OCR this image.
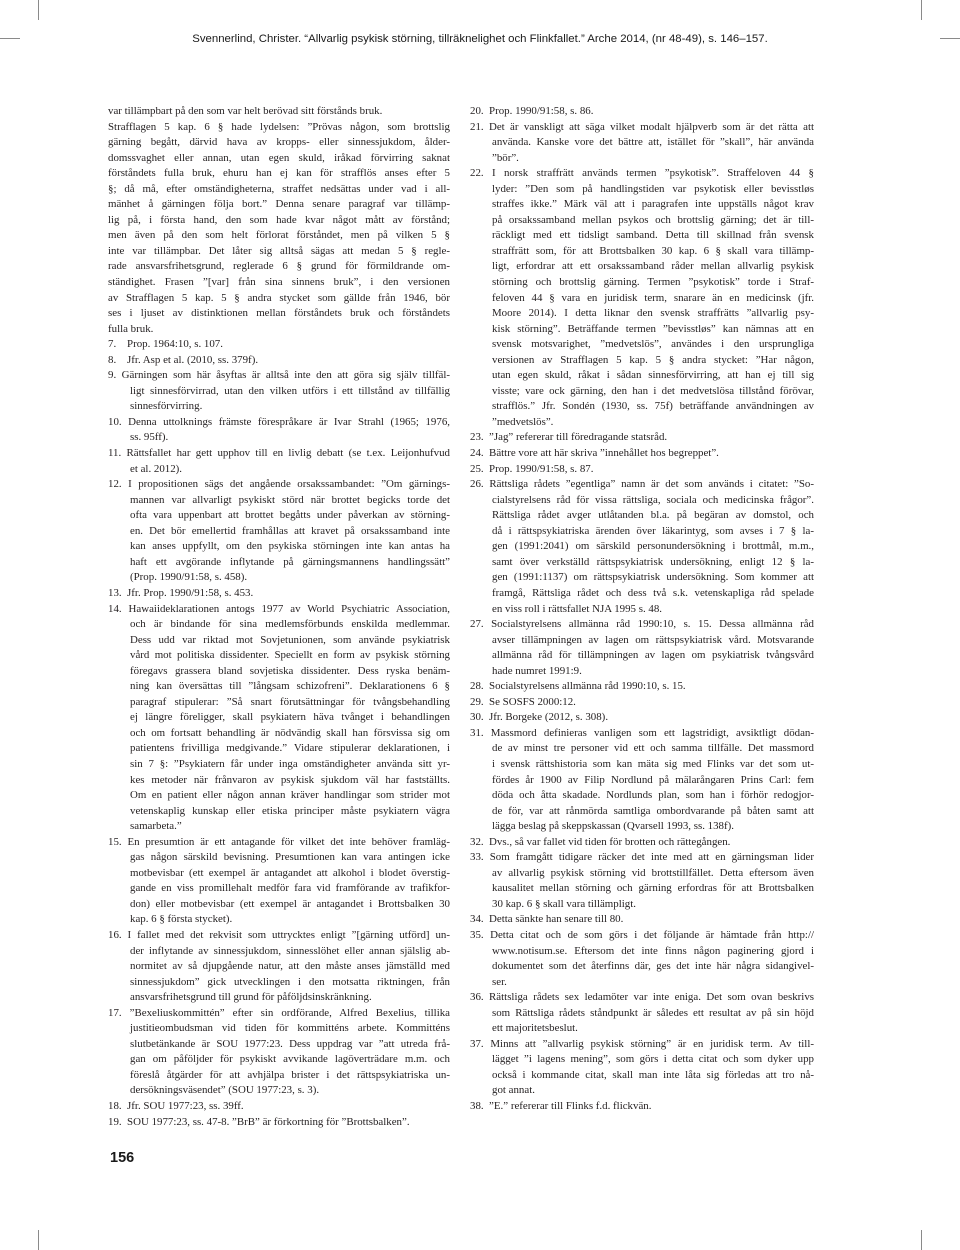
Svennerlind, Christer. “Allvarlig psykisk störning, tillräknelighet och Flinkfallet.” Arche 2014, (nr 48-49), s. 146–157.
var tillämpbart på den som var helt berövad sitt förstånds bruk.
Strafflagen 5 kap. 6 § hade lydelsen: ”Prövas någon, som brottslig
gärning begått, därvid hava av kropps- eller sinnessjukdom, ålder-
domssvaghet eller annan, utan egen skuld, iråkad förvirring saknat
förståndets fulla bruk, ehuru han ej kan för strafflös anses efter 5
§; då må, efter omständigheterna, straffet nedsättas under vad i all-
mänhet å gärningen följa bort.” Denna senare paragraf var tillämp-
lig på, i första hand, den som hade kvar något mått av förstånd;
men även på den som helt förlorat förståndet, men på vilken 5 §
inte var tillämpbar. Det låter sig alltså sägas att medan 5 § regle-
rade ansvarsfrihetsgrund, reglerade 6 § grund för förmildrande om-
ständighet. Frasen ”[var] från sina sinnens bruk”, i den versionen
av Strafflagen 5 kap. 5 § andra stycket som gällde från 1946, bör
ses i ljuset av distinktionen mellan förståndets bruk och förståndets
fulla bruk.
7.    Prop. 1964:10, s. 107.
8.    Jfr. Asp et al. (2010, ss. 379f).
9. Gärningen som här åsyftas är alltså inte den att göra sig själv tillfäl-
ligt sinnesförvirrad, utan den vilken utförs i ett tillstånd av tillfällig
sinnesförvirring.
10. Denna uttolknings främste förespråkare är Ivar Strahl (1965; 1976,
ss. 95ff).
11. Rättsfallet har gett upphov till en livlig debatt (se t.ex. Leijonhufvud
et al. 2012).
12. I propositionen sägs det angående orsakssambandet: ”Om gärnings-
mannen var allvarligt psykiskt störd när brottet begicks torde det
ofta vara uppenbart att brottet begåtts under påverkan av störning-
en. Det bör emellertid framhållas att kravet på orsakssamband inte
kan anses uppfyllt, om den psykiska störningen inte kan antas ha
haft ett avgörande inflytande på gärningsmannens handlingssätt”
(Prop. 1990/91:58, s. 458).
13.  Jfr. Prop. 1990/91:58, s. 453.
14. Hawaiideklarationen antogs 1977 av World Psychiatric Association,
och är bindande för sina medlemsförbunds enskilda medlemmar.
Dess udd var riktad mot Sovjetunionen, som använde psykiatrisk
vård mot politiska dissidenter. Speciellt en form av psykisk störning
föregavs grassera bland sovjetiska dissidenter. Dess ryska benäm-
ning kan översättas till ”långsam schizofreni”. Deklarationens 6 §
paragraf stipulerar: ”Så snart förutsättningar för tvångsbehandling
ej längre föreligger, skall psykiatern häva tvånget i behandlingen
och om fortsatt behandling är nödvändig skall han försvissa sig om
patientens frivilliga medgivande.” Vidare stipulerar deklarationen, i
sin 7 §: ”Psykiatern får under inga omständigheter använda sitt yr-
kes metoder när frånvaron av psykisk sjukdom väl har fastställts.
Om en patient eller någon annan kräver handlingar som strider mot
vetenskaplig kunskap eller etiska principer måste psykiatern vägra
samarbeta.”
15. En presumtion är ett antagande för vilket det inte behöver framläg-
gas någon särskild bevisning. Presumtionen kan vara antingen icke
motbevisbar (ett exempel är antagandet att alkohol i blodet överstig-
gande en viss promillehalt medför fara vid framförande av trafikfor-
don) eller motbevisbar (ett exempel är antagandet i Brottsbalken 30
kap. 6 § första stycket).
16. I fallet med det rekvisit som uttrycktes enligt ”[gärning utförd] un-
der inflytande av sinnessjukdom, sinnesslöhet eller annan själslig ab-
normitet av så djupgående natur, att den måste anses jämställd med
sinnessjukdom” gick utvecklingen i den motsatta riktningen, från
ansvarsfrihetsgrund till grund för påföljdsinskränkning.
17. ”Bexeliuskommittén” efter sin ordförande, Alfred Bexelius, tillika
justitieombudsman vid tiden för kommitténs arbete. Kommitténs
slutbetänkande är SOU 1977:23. Dess uppdrag var ”att utreda frå-
gan om påföljder för psykiskt avvikande lagöverträdare m.m. och
föreslå åtgärder för att avhjälpa brister i det rättspsykiatriska un-
dersökningsväsendet” (SOU 1977:23, s. 3).
18.  Jfr. SOU 1977:23, ss. 39ff.
19.  SOU 1977:23, ss. 47-8. ”BrB” är förkortning för ”Brottsbalken”.
20.  Prop. 1990/91:58, s. 86.
21. Det är vanskligt att säga vilket modalt hjälpverb som är det rätta att
använda. Kanske vore det bättre att, istället för ”skall”, här använda
”bör”.
22. I norsk straffrätt används termen ”psykotisk”. Straffeloven 44 §
lyder: ”Den som på handlingstiden var psykotisk eller bevisstløs
straffes ikke.” Märk väl att i paragrafen inte uppställs något krav
på orsakssamband mellan psykos och brottslig gärning; det är till-
räckligt med ett tidsligt samband. Detta till skillnad från svensk
straffrätt som, för att Brottsbalken 30 kap. 6 § skall vara tillämp-
ligt, erfordrar att ett orsakssamband råder mellan allvarlig psykisk
störning och brottslig gärning. Termen ”psykotisk” torde i Straf-
feloven 44 § vara en juridisk term, snarare än en medicinsk (jfr.
Moore 2014). I detta liknar den svensk straffrätts ”allvarlig psy-
kisk störning”. Beträffande termen ”bevisstløs” kan nämnas att en
svensk motsvarighet, ”medvetslös”, användes i den ursprungliga
versionen av Strafflagen 5 kap. 5 § andra stycket: ”Har någon,
utan egen skuld, råkat i sådan sinnesförvirring, att han ej till sig
visste; vare ock gärning, den han i det medvetslösa tillstånd förövar,
strafflös.” Jfr. Sondén (1930, ss. 75f) beträffande användningen av
”medvetslös”.
23.  ”Jag” refererar till föredragande statsråd.
24.  Bättre vore att här skriva ”innehållet hos begreppet”.
25.  Prop. 1990/91:58, s. 87.
26. Rättsliga rådets ”egentliga” namn är det som används i citatet: ”So-
cialstyrelsens råd för vissa rättsliga, sociala och medicinska frågor”.
Rättsliga rådet avger utlåtanden bl.a. på begäran av domstol, och
då i rättspsykiatriska ärenden över läkarintyg, som avses i 7 § la-
gen (1991:2041) om särskild personundersökning i brottmål, m.m.,
samt över verkställd rättspsykiatrisk undersökning, enligt 12 § la-
gen (1991:1137) om rättspsykiatrisk undersökning. Som kommer att
framgå, Rättsliga rådet och dess två s.k. vetenskapliga råd spelade
en viss roll i rättsfallet NJA 1995 s. 48.
27. Socialstyrelsens allmänna råd 1990:10, s. 15. Dessa allmänna råd
avser tillämpningen av lagen om rättspsykiatrisk vård. Motsvarande
allmänna råd för tillämpningen av lagen om psykiatrisk tvångsvård
hade numret 1991:9.
28.  Socialstyrelsens allmänna råd 1990:10, s. 15.
29.  Se SOSFS 2000:12.
30.  Jfr. Borgeke (2012, s. 308).
31. Massmord definieras vanligen som ett lagstridigt, avsiktligt dödan-
de av minst tre personer vid ett och samma tillfälle. Det massmord
i svensk rättshistoria som kan mäta sig med Flinks var det som ut-
fördes år 1900 av Filip Nordlund på mälarångaren Prins Carl: fem
döda och åtta skadade. Nordlunds plan, som han i förhör redogjor-
de för, var att rånmörda samtliga ombordvarande på båten samt att
lägga beslag på skeppskassan (Qvarsell 1993, ss. 138f).
32.  Dvs., så var fallet vid tiden för brotten och rättegången.
33. Som framgått tidigare räcker det inte med att en gärningsman lider
av allvarlig psykisk störning vid brottstillfället. Detta eftersom även
kausalitet mellan störning och gärning erfordras för att Brottsbalken
30 kap. 6 § skall vara tillämpligt.
34.  Detta sänkte han senare till 80.
35. Detta citat och de som görs i det följande är hämtade från http://
www.notisum.se. Eftersom det inte finns någon paginering gjord i
dokumentet som det återfinns där, ges det inte här några sidangivel-
ser.
36. Rättsliga rådets sex ledamöter var inte eniga. Det som ovan beskrivs
som Rättsliga rådets ståndpunkt är således ett resultat av på sin höjd
ett majoritetsbeslut.
37. Minns att ”allvarlig psykisk störning” är en juridisk term. Av till-
lägget ”i lagens mening”, som görs i detta citat och som dyker upp
också i kommande citat, skall man inte låta sig förledas att tro nå-
got annat.
38.  ”E.” refererar till Flinks f.d. flickvän.
156
